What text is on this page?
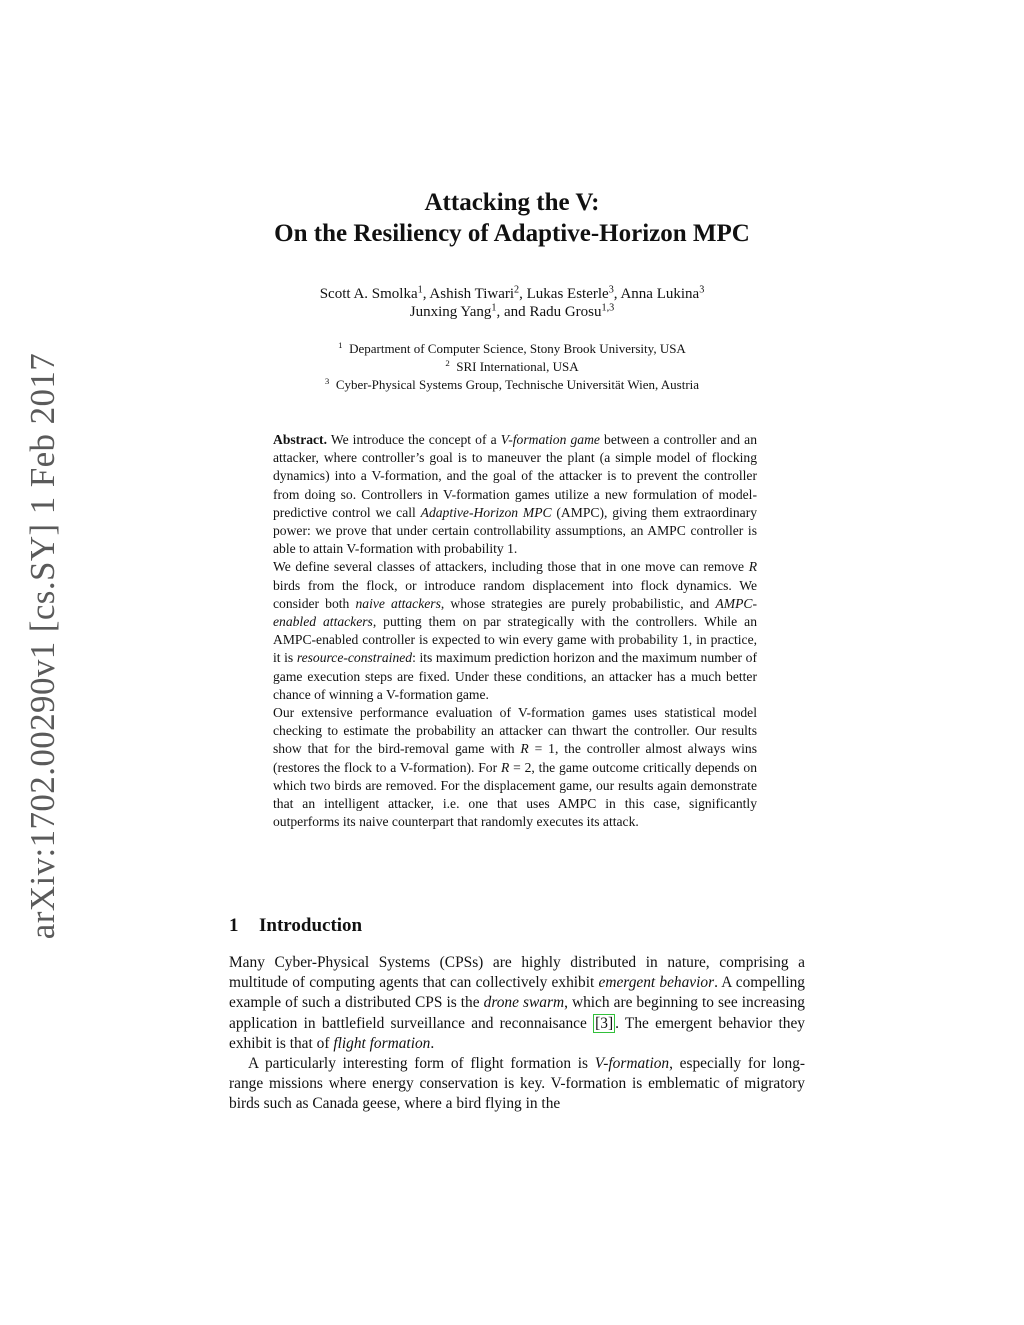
arXiv:1702.00290v1 [cs.SY] 1 Feb 2017
Attacking the V:
On the Resiliency of Adaptive-Horizon MPC
Scott A. Smolka$^1$, Ashish Tiwari$^2$, Lukas Esterle$^3$, Anna Lukina$^3$
Junxing Yang$^1$, and Radu Grosu$^{1,3}$
$^1$ Department of Computer Science, Stony Brook University, USA
$^2$ SRI International, USA
$^3$ Cyber-Physical Systems Group, Technische Universität Wien, Austria

Abstract. We introduce the concept of a V-formation game between a controller and an attacker, where controller’s goal is to maneuver the plant (a simple model of flocking dynamics) into a V-formation, and the goal of the attacker is to prevent the controller from doing so. Controllers in V-formation games utilize a new formulation of model-predictive control we call Adaptive-Horizon MPC (AMPC), giving them extraordinary power: we prove that under certain controllability assumptions, an AMPC controller is able to attain V-formation with probability 1.

We define several classes of attackers, including those that in one move can remove R birds from the flock, or introduce random displacement into flock dynamics. We consider both naive attackers, whose strategies are purely probabilistic, and AMPC-enabled attackers, putting them on par strategically with the controllers. While an AMPC-enabled controller is expected to win every game with probability 1, in practice, it is resource-constrained: its maximum prediction horizon and the maximum number of game execution steps are fixed. Under these conditions, an attacker has a much better chance of winning a V-formation game.

Our extensive performance evaluation of V-formation games uses statistical model checking to estimate the probability an attacker can thwart the controller. Our results show that for the bird-removal game with R = 1, the controller almost always wins (restores the flock to a V-formation). For R = 2, the game outcome critically depends on which two birds are removed. For the displacement game, our results again demonstrate that an intelligent attacker, i.e. one that uses AMPC in this case, significantly outperforms its naive counterpart that randomly executes its attack.

1 Introduction

Many Cyber-Physical Systems (CPSs) are highly distributed in nature, comprising a multitude of computing agents that can collectively exhibit emergent behavior. A compelling example of such a distributed CPS is the drone swarm, which are beginning to see increasing application in battlefield surveillance and reconnaisance [3] . The emergent behavior they exhibit is that of flight formation.

A particularly interesting form of flight formation is V-formation, especially for long-range missions where energy conservation is key. V-formation is emblematic of migratory birds such as Canada geese, where a bird flying in the
